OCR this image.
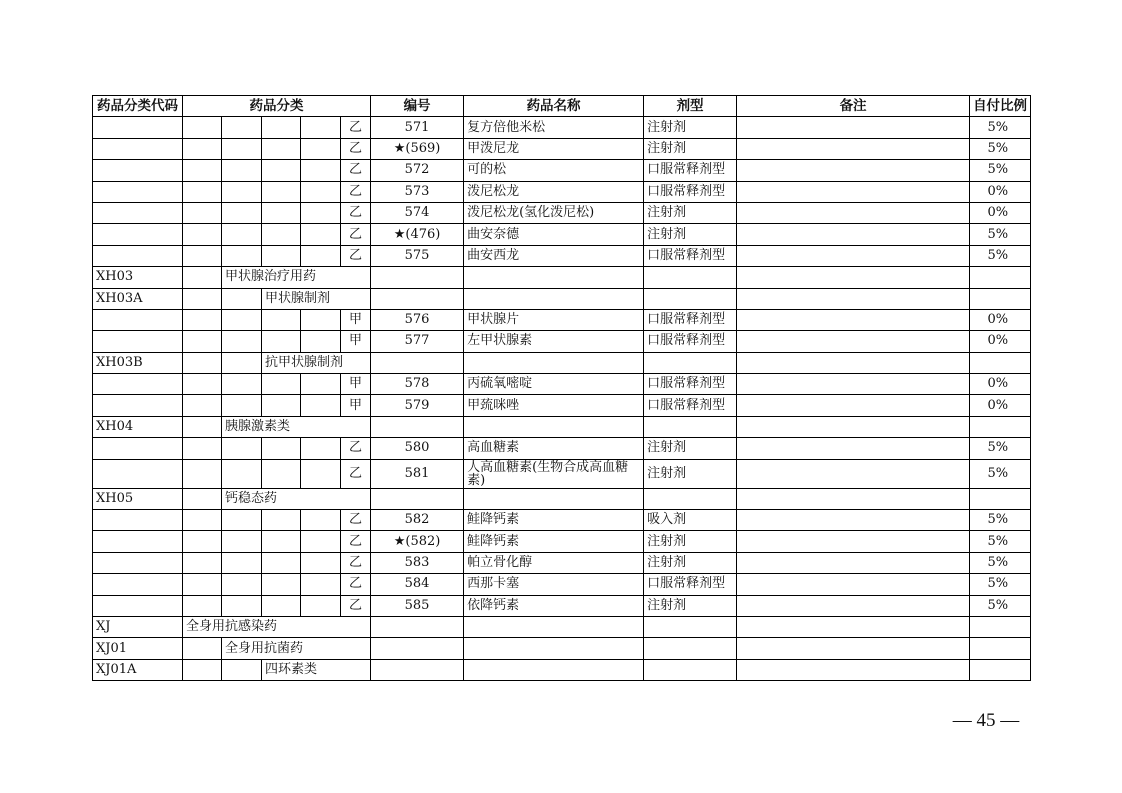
药品分类代码	药品分类					编号	药品名称	剂型	备注	自付比例
					乙	571	复方倍他米松	注射剂		5%
					乙	★(569)	甲泼尼龙	注射剂		5%
					乙	572	可的松	口服常释剂型		5%
					乙	573	泼尼松龙	口服常释剂型		0%
					乙	574	泼尼松龙(氢化泼尼松)	注射剂		0%
					乙	★(476)	曲安奈德	注射剂		5%
					乙	575	曲安西龙	口服常释剂型		5%
XH03		甲状腺治疗用药								
XH03A			甲状腺制剂							
					甲	576	甲状腺片	口服常释剂型		0%
					甲	577	左甲状腺素	口服常释剂型		0%
XH03B			抗甲状腺制剂							
					甲	578	丙硫氧嘧啶	口服常释剂型		0%
					甲	579	甲巯咪唑	口服常释剂型		0%
XH04		胰腺激素类								
					乙	580	高血糖素	注射剂		5%
					乙	581	人高血糖素(生物合成高血糖素)	注射剂		5%
XH05		钙稳态药								
					乙	582	鲑降钙素	吸入剂		5%
					乙	★(582)	鲑降钙素	注射剂		5%
					乙	583	帕立骨化醇	注射剂		5%
					乙	584	西那卡塞	口服常释剂型		5%
					乙	585	依降钙素	注射剂		5%
XJ	全身用抗感染药									
XJ01		全身用抗菌药								
XJ01A			四环素类							
— 45 —
